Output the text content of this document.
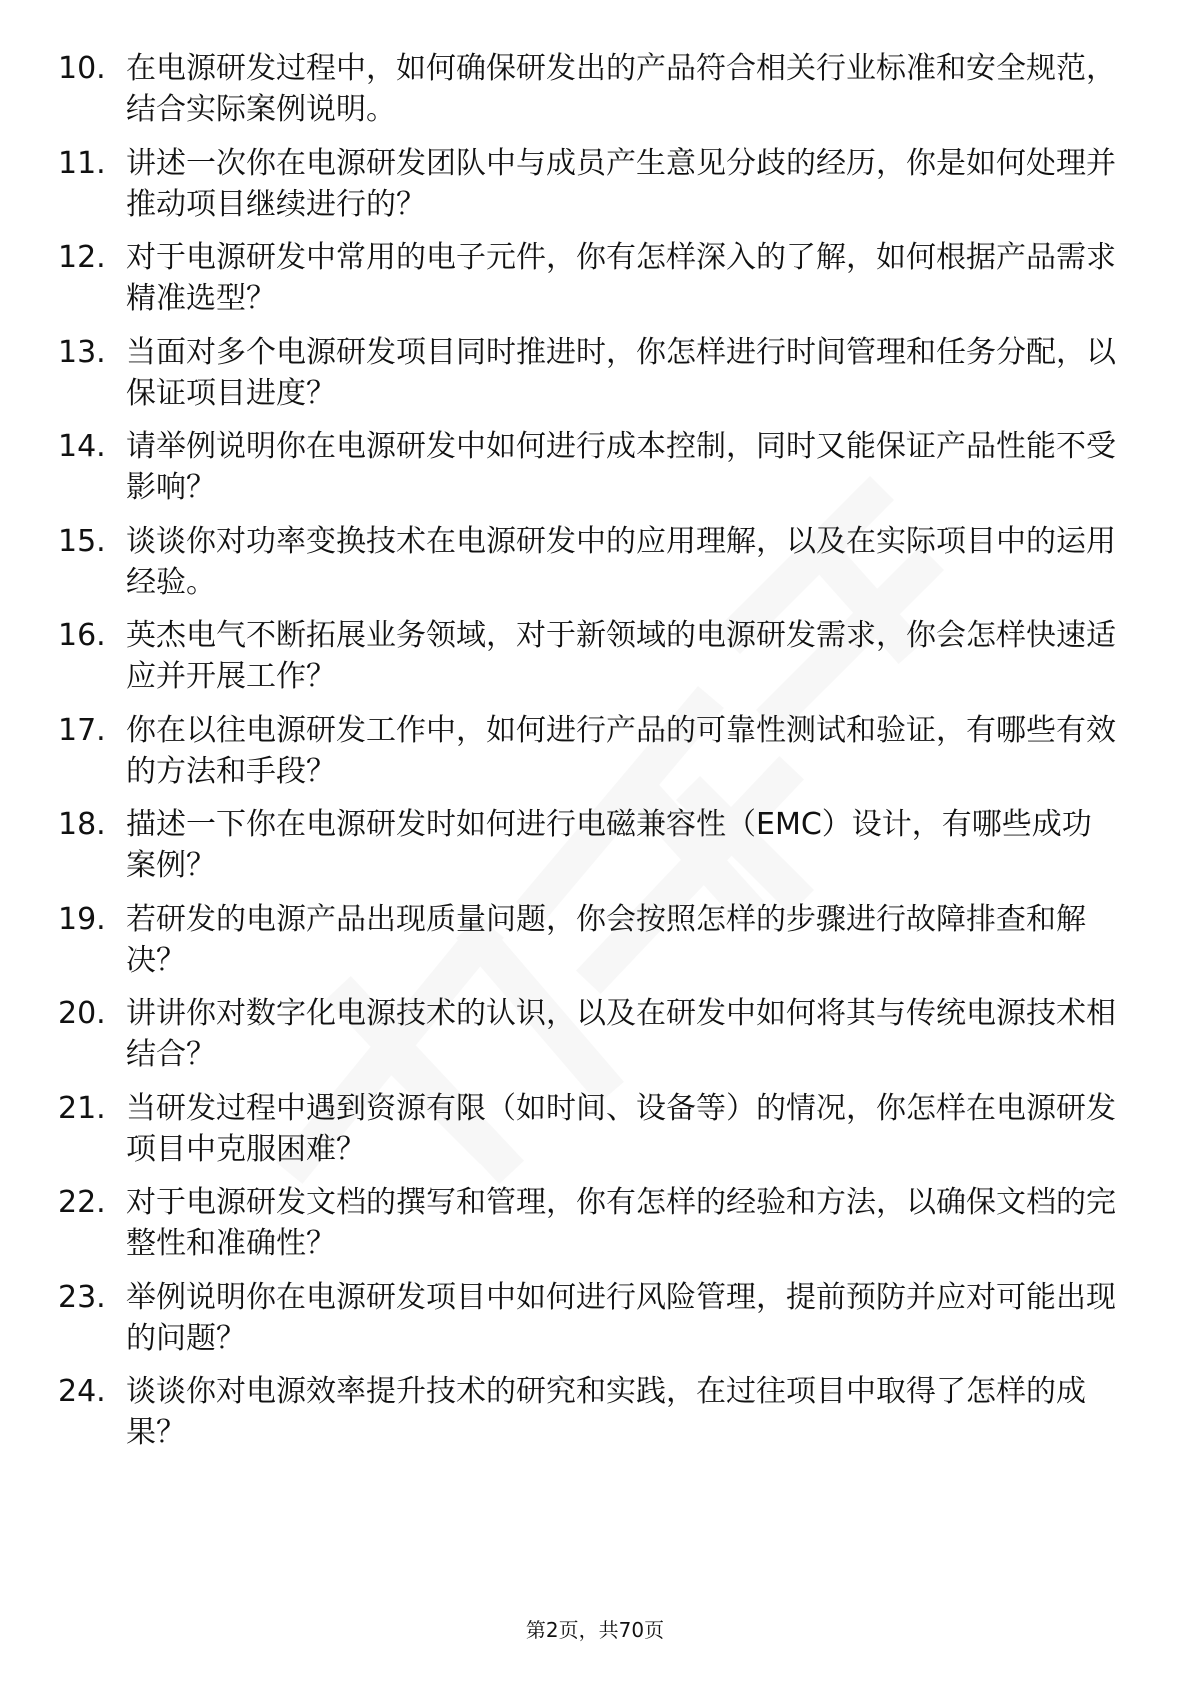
10. 在电源研发过程中，如何确保研发出的产品符合相关行业标准和安全规范，结合实际案例说明。
11. 讲述一次你在电源研发团队中与成员产生意见分歧的经历，你是如何处理并推动项目继续进行的？
12. 对于电源研发中常用的电子元件，你有怎样深入的了解，如何根据产品需求精准选型？
13. 当面对多个电源研发项目同时推进时，你怎样进行时间管理和任务分配，以保证项目进度？
14. 请举例说明你在电源研发中如何进行成本控制，同时又能保证产品性能不受影响？
15. 谈谈你对功率变换技术在电源研发中的应用理解，以及在实际项目中的运用经验。
16. 英杰电气不断拓展业务领域，对于新领域的电源研发需求，你会怎样快速适应并开展工作？
17. 你在以往电源研发工作中，如何进行产品的可靠性测试和验证，有哪些有效的方法和手段？
18. 描述一下你在电源研发时如何进行电磁兼容性（EMC）设计，有哪些成功案例？
19. 若研发的电源产品出现质量问题，你会按照怎样的步骤进行故障排查和解决？
20. 讲讲你对数字化电源技术的认识，以及在研发中如何将其与传统电源技术相结合？
21. 当研发过程中遇到资源有限（如时间、设备等）的情况，你怎样在电源研发项目中克服困难？
22. 对于电源研发文档的撰写和管理，你有怎样的经验和方法，以确保文档的完整性和准确性？
23. 举例说明你在电源研发项目中如何进行风险管理，提前预防并应对可能出现的问题？
24. 谈谈你对电源效率提升技术的研究和实践，在过往项目中取得了怎样的成果？
第2页，共70页
